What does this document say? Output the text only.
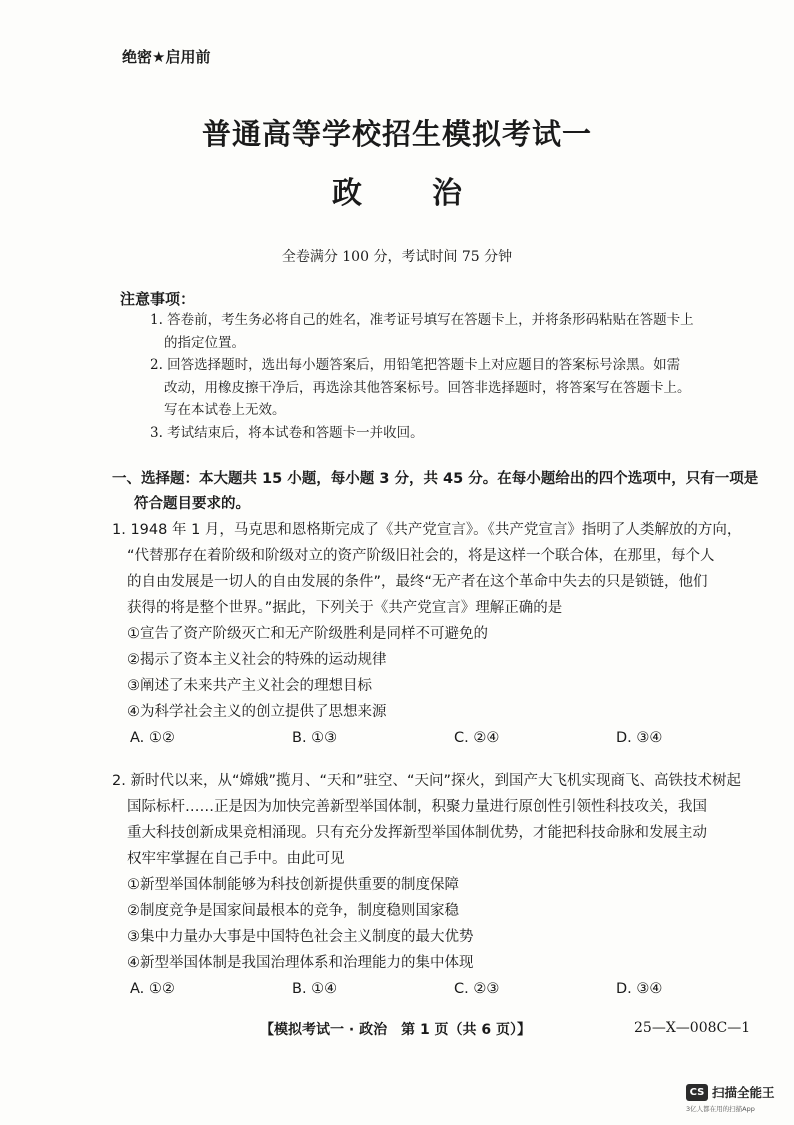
绝密★启用前
普通高等学校招生模拟考试一
政 治
全卷满分 100 分，考试时间 75 分钟
注意事项：
1. 答卷前，考生务必将自己的姓名，准考证号填写在答题卡上，并将条形码粘贴在答题卡上
的指定位置。
2. 回答选择题时，选出每小题答案后，用铅笔把答题卡上对应题目的答案标号涂黑。如需
改动，用橡皮擦干净后，再选涂其他答案标号。回答非选择题时，将答案写在答题卡上。
写在本试卷上无效。
3. 考试结束后，将本试卷和答题卡一并收回。
一、选择题：本大题共 15 小题，每小题 3 分，共 45 分。在每小题给出的四个选项中，只有一项是
符合题目要求的。
1. 1948 年 1 月，马克思和恩格斯完成了《共产党宣言》。《共产党宣言》指明了人类解放的方向，
“代替那存在着阶级和阶级对立的资产阶级旧社会的，将是这样一个联合体，在那里，每个人
的自由发展是一切人的自由发展的条件”，最终“无产者在这个革命中失去的只是锁链，他们
获得的将是整个世界。”据此，下列关于《共产党宣言》理解正确的是
①宣告了资产阶级灭亡和无产阶级胜利是同样不可避免的
②揭示了资本主义社会的特殊的运动规律
③阐述了未来共产主义社会的理想目标
④为科学社会主义的创立提供了思想来源
A. ①②	B. ①③	C. ②④	D. ③④
2. 新时代以来，从“嫦娥”揽月、“天和”驻空、“天问”探火，到国产大飞机实现商飞、高铁技术树起
国际标杆……正是因为加快完善新型举国体制，积聚力量进行原创性引领性科技攻关，我国
重大科技创新成果竞相涌现。只有充分发挥新型举国体制优势，才能把科技命脉和发展主动
权牢牢掌握在自己手中。由此可见
①新型举国体制能够为科技创新提供重要的制度保障
②制度竞争是国家间最根本的竞争，制度稳则国家稳
③集中力量办大事是中国特色社会主义制度的最大优势
④新型举国体制是我国治理体系和治理能力的集中体现
A. ①②	B. ①④	C. ②③	D. ③④
【模拟考试一 · 政治　第 1 页（共 6 页）】	25—X—008C—1
CS 扫描全能王
3亿人都在用的扫描App
